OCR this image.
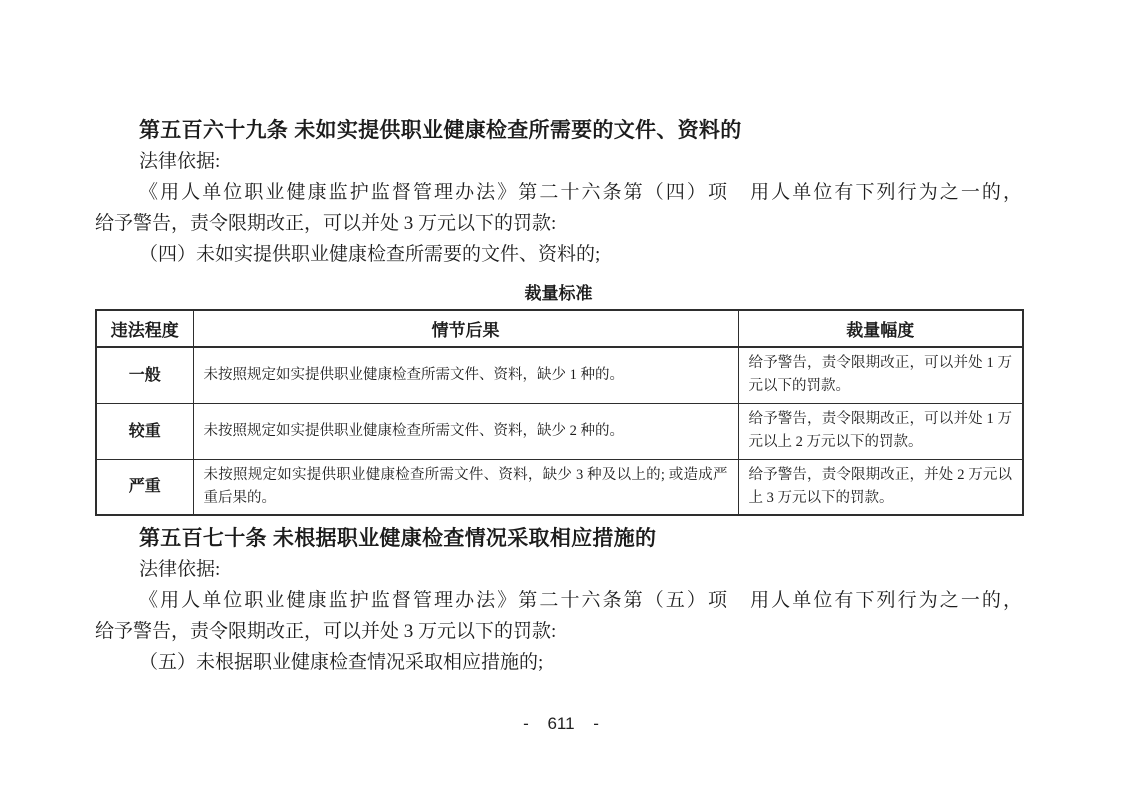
第五百六十九条 未如实提供职业健康检查所需要的文件、资料的
法律依据:
《用人单位职业健康监护监督管理办法》第二十六条第（四）项　用人单位有下列行为之一的，
给予警告，责令限期改正，可以并处 3 万元以下的罚款:
（四）未如实提供职业健康检查所需要的文件、资料的;
裁量标准
违法程度	情节后果	裁量幅度
一般	未按照规定如实提供职业健康检查所需文件、资料，缺少 1 种的。	给予警告，责令限期改正，可以并处 1 万元以下的罚款。
较重	未按照规定如实提供职业健康检查所需文件、资料，缺少 2 种的。	给予警告，责令限期改正，可以并处 1 万元以上 2 万元以下的罚款。
严重	未按照规定如实提供职业健康检查所需文件、资料，缺少 3 种及以上的; 或造成严重后果的。	给予警告，责令限期改正，并处 2 万元以上 3 万元以下的罚款。
第五百七十条 未根据职业健康检查情况采取相应措施的
法律依据:
《用人单位职业健康监护监督管理办法》第二十六条第（五）项　用人单位有下列行为之一的，
给予警告，责令限期改正，可以并处 3 万元以下的罚款:
（五）未根据职业健康检查情况采取相应措施的;
- 611 -
